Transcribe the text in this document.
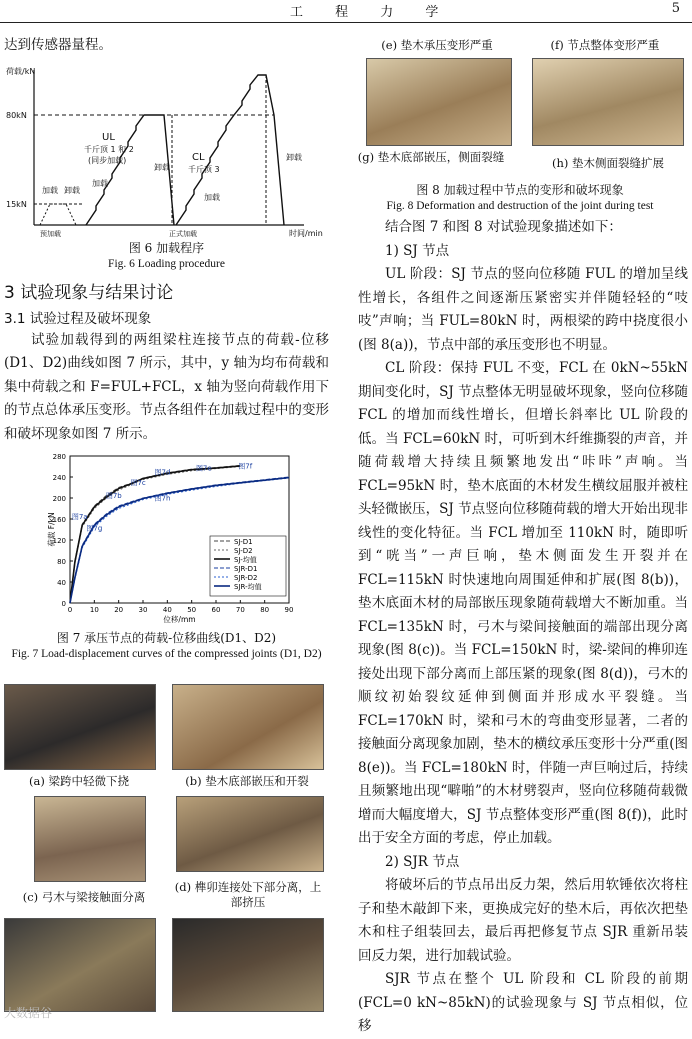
工 程 力 学	5

达到传感器量程。

荷载/kN
时间/min
80kN
15kN
UL
千斤顶 1 和 2
(同步加载)	CL
千斤顶 3
加载 卸载
加载
卸载
加载
卸载
预加载	正式加载

图 6 加载程序

Fig. 6 Loading procedure

3 试验现象与结果讨论

3.1 试验过程及破坏现象

试验加载得到的两组梁柱连接节点的荷载-位移(D1、D2)曲线如图 7 所示，其中，y 轴为均布荷载和集中荷载之和 F=FUL+FCL，x 轴为竖向荷载作用下的节点总体承压变形。节点各组件在加载过程中的变形和破坏现象如图 7 所示。

0
40
80
120
160
200
240
280
0	10 20 30 40 50 60 70 80 90
位移/mm
荷载 F/kN	SJ-D1
SJ-D2
SJ-均值
SJR-D1
SJR-D2
SJR-均值
图7a
图7b
图7c
图7d	图7e	图7f
图7g
图7h

图 7 承压节点的荷载-位移曲线(D1、D2)

Fig. 7 Load-displacement curves of the compressed joints (D1, D2)

(a) 梁跨中轻微下挠	(b) 垫木底部嵌压和开裂
(c) 弓木与梁接触面分离
(d) 榫卯连接处下部分离，上部挤压
大数据谷
(e) 垫木承压变形严重	(f) 节点整体变形严重
(g) 垫木底部嵌压，侧面裂缝	(h) 垫木侧面裂缝扩展
图 8 加载过程中节点的变形和破坏现象
Fig. 8 Deformation and destruction of the joint during test

结合图 7 和图 8 对试验现象描述如下：

1) SJ 节点

UL 阶段：SJ 节点的竖向位移随 FUL 的增加呈线性增长，各组件之间逐渐压紧密实并伴随轻轻的“吱吱”声响；当 FUL=80kN 时，两根梁的跨中挠度很小(图 8(a))，节点中部的承压变形也不明显。

CL 阶段：保持 FUL 不变，FCL 在 0kN~55kN 期间变化时，SJ 节点整体无明显破坏现象，竖向位移随 FCL 的增加而线性增长，但增长斜率比 UL 阶段的低。当 FCL=60kN 时，可听到木纤维撕裂的声音，并随荷载增大持续且频繁地发出“咔咔”声响。当 FCL=95kN 时，垫木底面的木材发生横纹屈服并被柱头轻微嵌压，SJ 节点竖向位移随荷载的增大开始出现非线性的变化特征。当 FCL 增加至 110kN 时，随即听到“咣当”一声巨响，垫木侧面发生开裂并在 FCL=115kN 时快速地向周围延伸和扩展(图 8(b))，垫木底面木材的局部嵌压现象随荷载增大不断加重。当 FCL=135kN 时，弓木与梁间接触面的端部出现分离现象(图 8(c))。当 FCL=150kN 时，梁-梁间的榫卯连接处出现下部分离而上部压紧的现象(图 8(d))，弓木的顺纹初始裂纹延伸到侧面并形成水平裂缝。当 FCL=170kN 时，梁和弓木的弯曲变形显著，二者的接触面分离现象加剧，垫木的横纹承压变形十分严重(图 8(e))。当 FCL=180kN 时，伴随一声巨响过后，持续且频繁地出现“噼啪”的木材劈裂声，竖向位移随荷载微增而大幅度增大，SJ 节点整体变形严重(图 8(f))，此时出于安全方面的考虑，停止加载。

2) SJR 节点

将破坏后的节点吊出反力架，然后用软锤依次将柱子和垫木敲卸下来，更换成完好的垫木后，再依次把垫木和柱子组装回去，最后再把修复节点 SJR 重新吊装回反力架，进行加载试验。

SJR 节点在整个 UL 阶段和 CL 阶段的前期(FCL=0 kN~85kN)的试验现象与 SJ 节点相似，位移
